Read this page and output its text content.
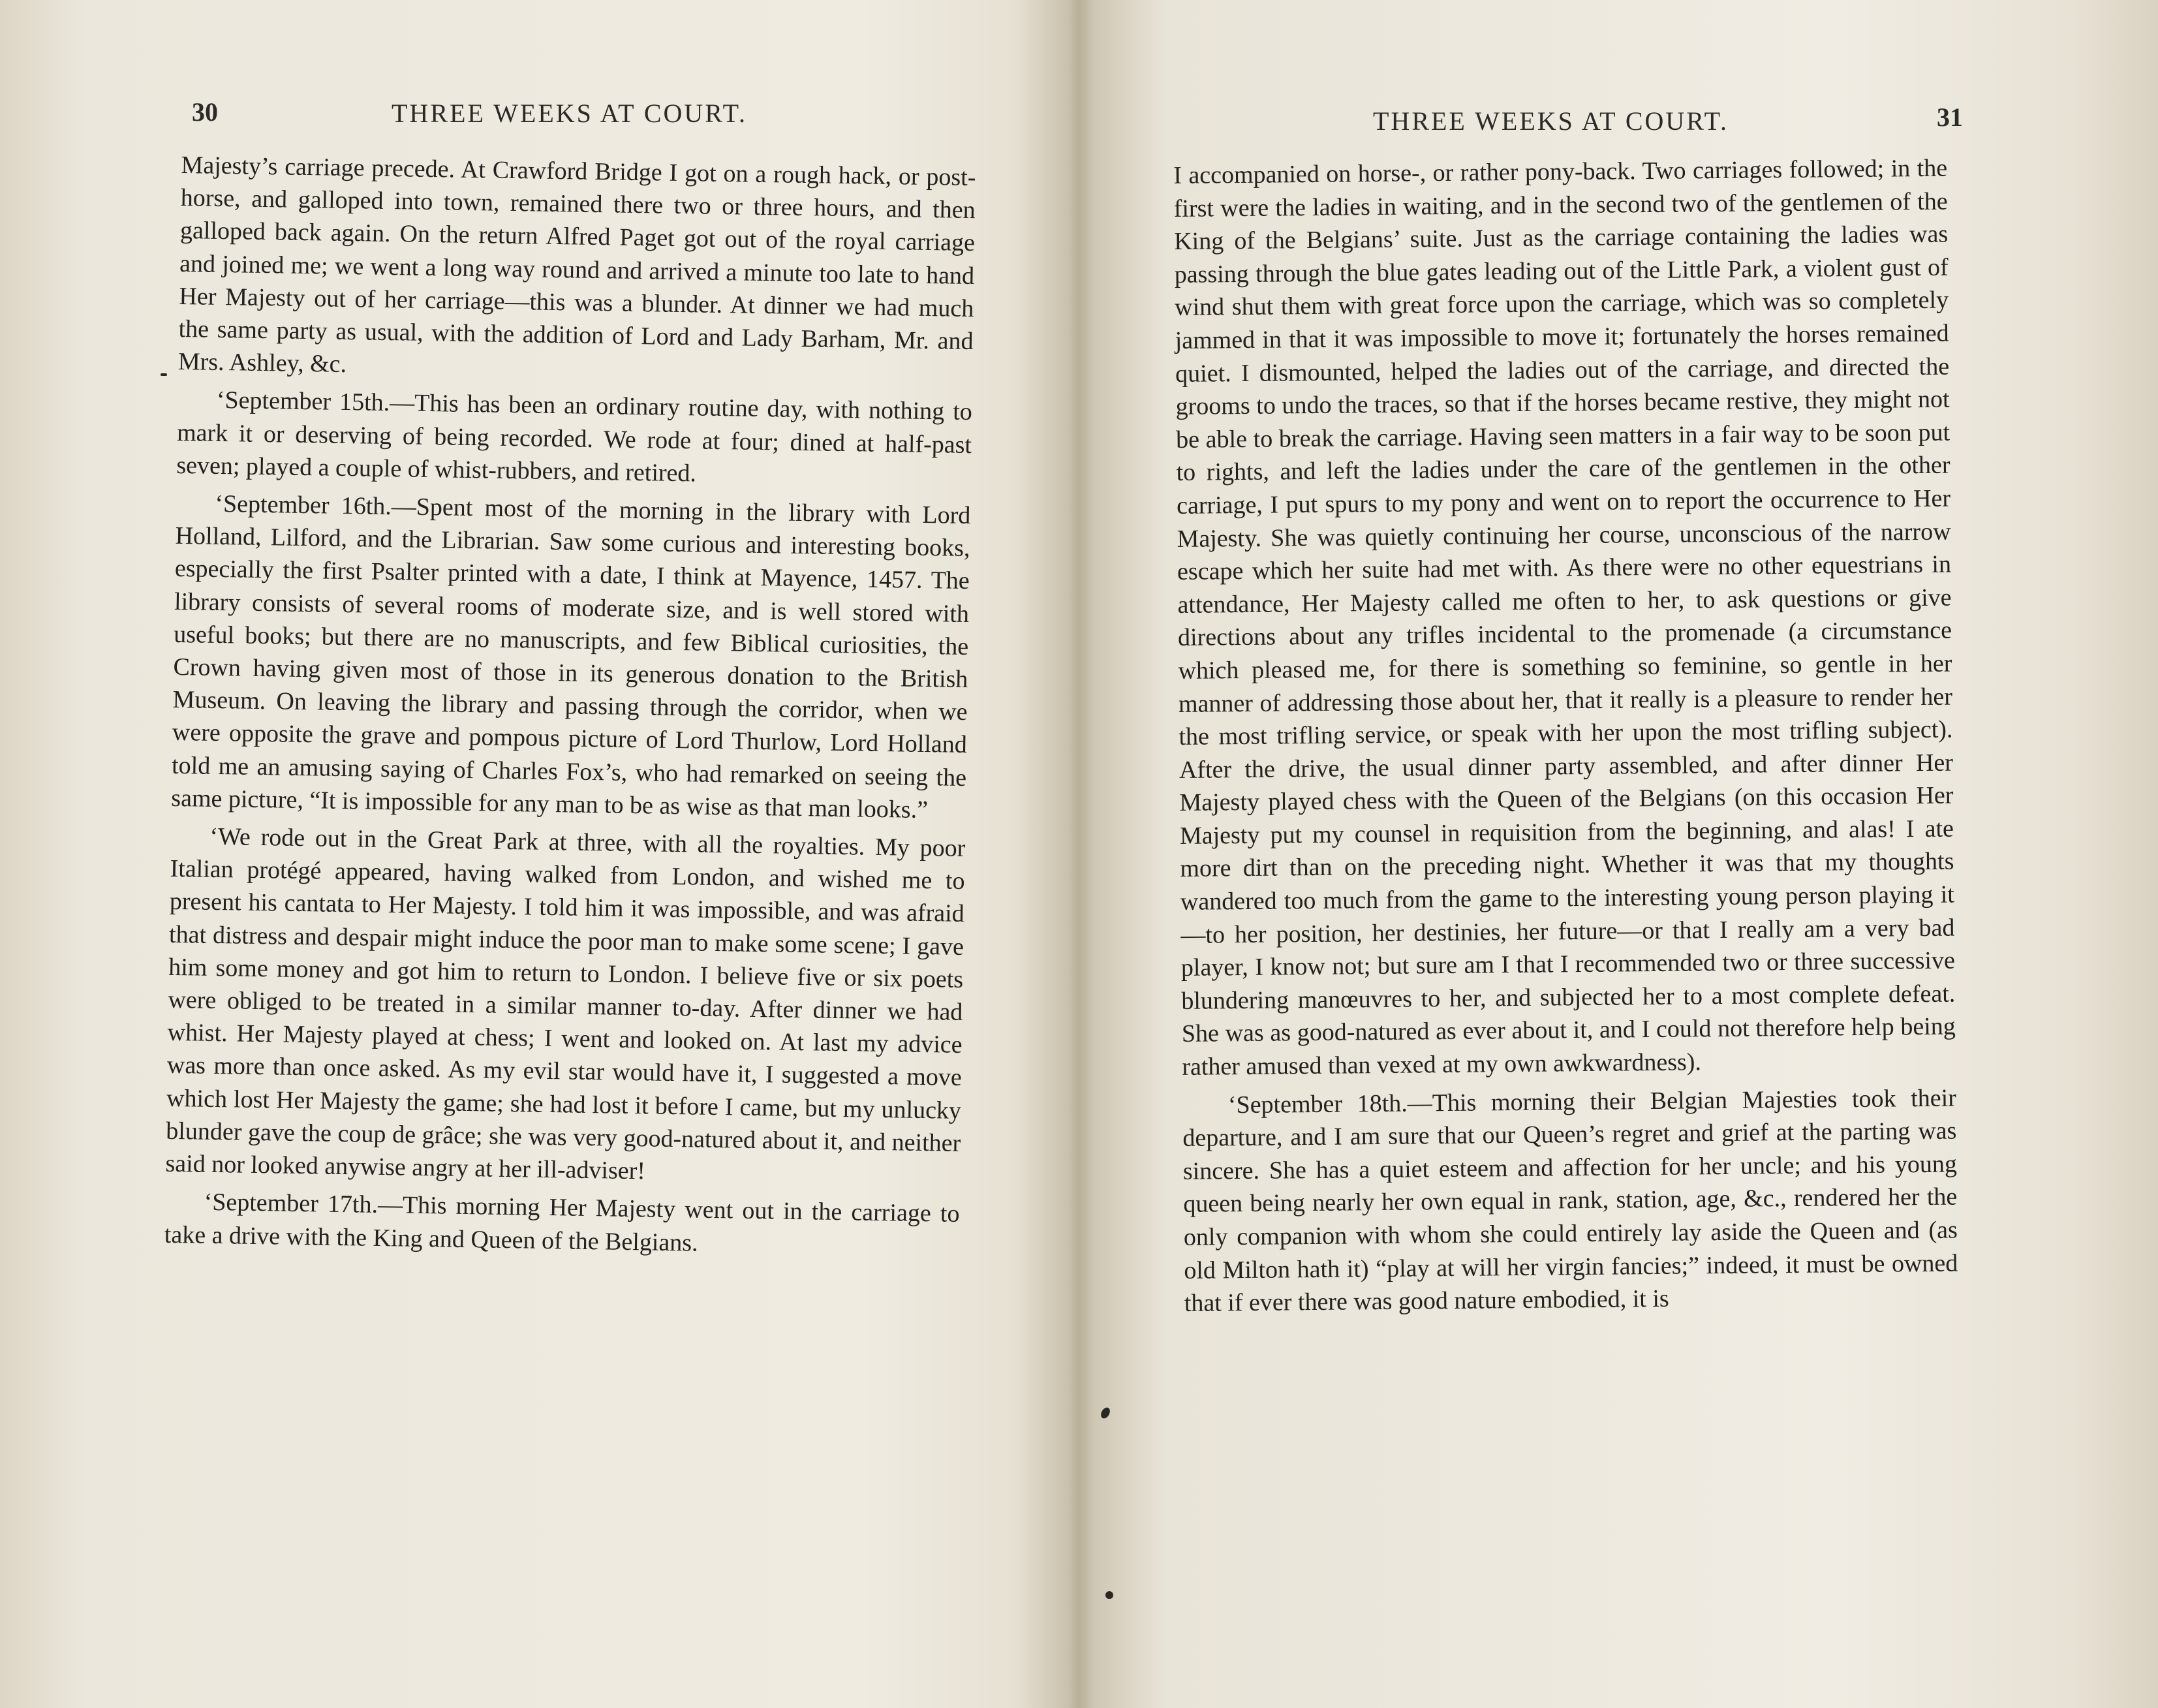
30	THREE WEEKS AT COURT.

Majesty’s carriage precede. At Crawford Bridge I got on a rough hack, or post-horse, and galloped into town, remained there two or three hours, and then galloped back again. On the return Alfred Paget got out of the royal carriage and joined me; we went a long way round and arrived a minute too late to hand Her Majesty out of her carriage—this was a blunder. At dinner we had much the same party as usual, with the addition of Lord and Lady Barham, Mr. and Mrs. Ashley, &c.

‘September 15th.—This has been an ordinary routine day, with nothing to mark it or deserving of being recorded. We rode at four; dined at half-past seven; played a couple of whist-rubbers, and retired.

‘September 16th.—Spent most of the morning in the library with Lord Holland, Lilford, and the Librarian. Saw some curious and interesting books, especially the first Psalter printed with a date, I think at Mayence, 1457. The library consists of several rooms of moderate size, and is well stored with useful books; but there are no manuscripts, and few Biblical curiosities, the Crown having given most of those in its generous donation to the British Museum. On leaving the library and passing through the corridor, when we were opposite the grave and pompous picture of Lord Thurlow, Lord Holland told me an amusing saying of Charles Fox’s, who had remarked on seeing the same picture, “It is impossible for any man to be as wise as that man looks.”

‘We rode out in the Great Park at three, with all the royalties. My poor Italian protégé appeared, having walked from London, and wished me to present his cantata to Her Majesty. I told him it was impossible, and was afraid that distress and despair might induce the poor man to make some scene; I gave him some money and got him to return to London. I believe five or six poets were obliged to be treated in a similar manner to-day. After dinner we had whist. Her Majesty played at chess; I went and looked on. At last my advice was more than once asked. As my evil star would have it, I suggested a move which lost Her Majesty the game; she had lost it before I came, but my unlucky blunder gave the coup de grâce; she was very good-natured about it, and neither said nor looked anywise angry at her ill-adviser!

‘September 17th.—This morning Her Majesty went out in the carriage to take a drive with the King and Queen of the Belgians.

THREE WEEKS AT COURT.	31

I accompanied on horse-, or rather pony-back. Two carriages followed; in the first were the ladies in waiting, and in the second two of the gentlemen of the King of the Belgians’ suite. Just as the carriage containing the ladies was passing through the blue gates leading out of the Little Park, a violent gust of wind shut them with great force upon the carriage, which was so completely jammed in that it was impossible to move it; fortunately the horses remained quiet. I dismounted, helped the ladies out of the carriage, and directed the grooms to undo the traces, so that if the horses became restive, they might not be able to break the carriage. Having seen matters in a fair way to be soon put to rights, and left the ladies under the care of the gentlemen in the other carriage, I put spurs to my pony and went on to report the occurrence to Her Majesty. She was quietly continuing her course, unconscious of the narrow escape which her suite had met with. As there were no other equestrians in attendance, Her Majesty called me often to her, to ask questions or give directions about any trifles incidental to the promenade (a circumstance which pleased me, for there is something so feminine, so gentle in her manner of addressing those about her, that it really is a pleasure to render her the most trifling service, or speak with her upon the most trifling subject). After the drive, the usual dinner party assembled, and after dinner Her Majesty played chess with the Queen of the Belgians (on this occasion Her Majesty put my counsel in requisition from the beginning, and alas! I ate more dirt than on the preceding night. Whether it was that my thoughts wandered too much from the game to the interesting young person playing it—to her position, her destinies, her future—or that I really am a very bad player, I know not; but sure am I that I recommended two or three successive blundering manœuvres to her, and subjected her to a most complete defeat. She was as good-natured as ever about it, and I could not therefore help being rather amused than vexed at my own awkwardness).

‘September 18th.—This morning their Belgian Majesties took their departure, and I am sure that our Queen’s regret and grief at the parting was sincere. She has a quiet esteem and affection for her uncle; and his young queen being nearly her own equal in rank, station, age, &c., rendered her the only companion with whom she could entirely lay aside the Queen and (as old Milton hath it) “play at will her virgin fancies;” indeed, it must be owned that if ever there was good nature embodied, it is
